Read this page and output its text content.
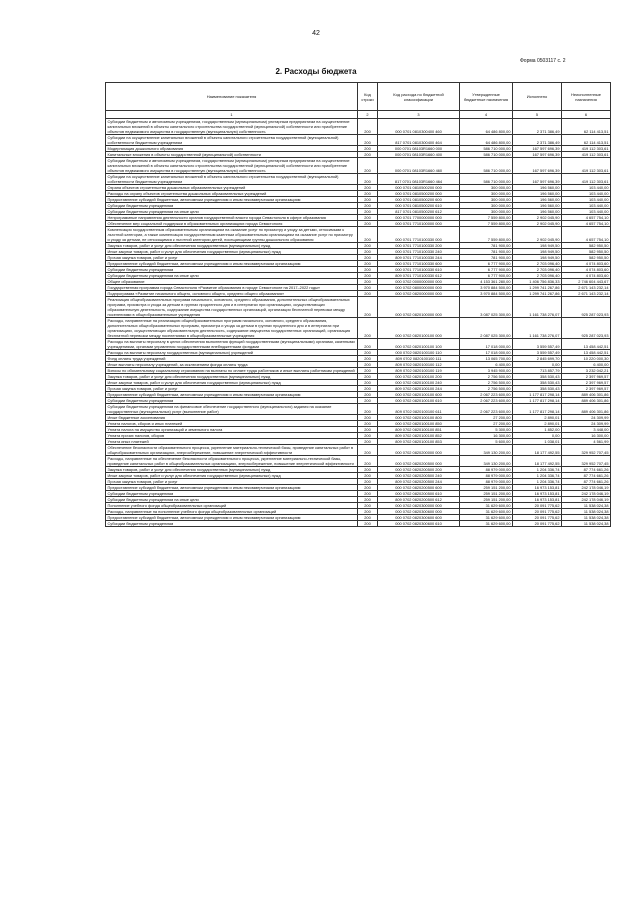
42
Форма 0503117 с. 2
2. Расходы бюджета
Наименование показателя	Код строки	Код расхода по бюджетной классификации	Утвержденные бюджетные назначения	Исполнено	Неисполненные назначения
1	2	3	4	5	6
Субсидии бюджетным и автономным учреждениям, государственным (муниципальным) унитарным предприятиям на осуществление капитальных вложений в объекты капитального строительства государственной (муниципальной) собственности или приобретение объектов недвижимого имущества в государственную (муниципальную) собственность	200	000 0701 0810300400 460	64 486 800,00	2 371 386,49	62 114 413,51
Субсидии на осуществление капитальных вложений в объекты капитального строительства государственной (муниципальной) собственности бюджетным учреждениям	200	817 0701 0810300400 464	64 486 800,00	2 371 386,49	62 114 413,51
Модернизация дошкольного образования	200	000 0701 08103R1660 000	586 710 000,00	167 597 696,39	419 112 303,61
Капитальные вложения в объекты государственной (муниципальной) собственности	200	000 0701 08103R1660 400	586 710 000,00	167 597 696,39	419 112 303,61
Субсидии бюджетным и автономным учреждениям, государственным (муниципальным) унитарным предприятиям на осуществление капитальных вложений в объекты капитального строительства государственной (муниципальной) собственности или приобретение объектов недвижимого имущества в государственную (муниципальную) собственность	200	000 0701 08103R1660 460	586 710 000,00	167 597 696,39	419 112 303,61
Субсидии на осуществление капитальных вложений в объекты капитального строительства государственной (муниципальной) собственности бюджетным учреждениям	200	817 0701 08103R1660 464	586 710 000,00	167 597 696,39	419 112 303,61
Охрана объектов строительства дошкольных образовательных учреждений	200	000 0701 0810500200 000	300 000,00	196 560,00	103 440,00
Расходы на охрану объектов строительства дошкольных образовательных учреждений	200	000 0701 0810500200 000	300 000,00	196 560,00	103 440,00
Предоставление субсидий бюджетным, автономным учреждениям и иным некоммерческим организациям	200	000 0701 0810500200 600	300 000,00	196 560,00	103 440,00
Субсидии бюджетным учреждениям	200	000 0701 0810500200 610	300 000,00	196 560,00	103 440,00
Субсидии бюджетным учреждениям на иные цели	200	817 0701 0810500200 612	300 000,00	196 560,00	103 440,00
Непрограммные направления деятельности органов государственной власти города Севастополя в сфере образования	200	000 0701 7700000000 000	7 559 800,00	2 902 045,90	4 657 754,10
Обеспечение мер социальной поддержки в образовательных организациях города Севастополя	200	000 0701 7710100000 000	7 559 800,00	2 902 045,90	4 657 754,10
Компенсация государственным образовательным организациям на оказание услуг по присмотру и уходу за детьми, относимыми к льготной категории, а также компенсация государственным казенным образовательным организациям на оказание услуг по присмотру и уходу за детьми, не относящимся к льготной категории детей, посещающими группы дошкольного образования	200	000 0701 7710100330 000	7 559 800,00	2 902 045,90	4 657 754,10
Закупка товаров, работ и услуг для обеспечения государственных (муниципальных) нужд	200	000 0701 7710100330 200	781 900,00	198 949,50	582 950,50
Иные закупки товаров, работ и услуг для обеспечения государственных (муниципальных) нужд	200	000 0701 7710100330 240	781 900,00	198 949,50	582 950,50
Прочая закупка товаров, работ и услуг	200	809 0701 7710100330 244	781 900,00	198 949,50	582 950,50
Предоставление субсидий бюджетным, автономным учреждениям и иным некоммерческим организациям	200	000 0701 7710100330 600	6 777 900,00	2 703 096,40	4 074 803,60
Субсидии бюджетным учреждениям	200	000 0701 7710100330 610	6 777 900,00	2 703 096,40	4 074 803,60
Субсидии бюджетным учреждениям на иные цели	200	809 0701 7710100330 612	6 777 900,00	2 703 096,40	4 074 803,60
Общее образование	200	000 0702 0000000000 000	4 153 361 280,00	1 406 756 836,33	2 746 604 443,67
Государственная программа города Севастополя «Развитие образования в городе Севастополе на 2017–2022 годы»	200	000 0702 0800000000 000	3 970 884 500,00	1 299 741 267,86	2 671 143 232,14
Подпрограмма «Развитие начального общего, основного общего, среднего общего образования»	200	000 0702 0820000000 000	3 970 884 500,00	1 299 741 267,86	2 671 143 232,14
Реализация общеобразовательных программ начального, основного, среднего образования, дополнительных общеобразовательных программ, присмотра и ухода за детьми в группах продленного дня и в интернатах при организациях, осуществляющих образовательную деятельность, содержание имущества государственных организаций, организация бесплатной перевозки между поселениями в общеобразовательные учреждения	200	000 0702 0820100000 000	3 087 025 300,00	1 161 738 276,07	925 287 023,93
Расходы, направленные на реализацию общеобразовательных программ начального, основного, среднего образования, дополнительных общеобразовательных программ, присмотра и ухода за детьми в группах продленного дня и в интернатах при организациях, осуществляющих образовательную деятельность, содержание имущества государственных организаций, организация бесплатной перевозки между поселениями в общеобразовательные учреждения	200	000 0702 0820100100 000	2 087 025 300,00	1 161 738 276,07	925 287 023,93
Расходы на выплаты персоналу в целях обеспечения выполнения функций государственными (муниципальными) органами, казенными учреждениями, органами управления государственными внебюджетными фондами	200	000 0702 0820100100 100	17 018 000,00	3 559 557,49	13 458 442,51
Расходы на выплаты персоналу государственных (муниципальных) учреждений	200	000 0702 0820100100 110	17 018 000,00	3 559 557,49	13 458 442,51
Фонд оплаты труда учреждений	200	809 0702 0820100100 111	13 065 700,00	2 845 699,70	10 220 000,30
Иные выплаты персоналу учреждений, за исключением фонда оплаты труда	200	809 0702 0820100100 112	6 400,00	0,00	6 400,00
Взносы по обязательному социальному страхованию на выплаты по оплате труда работников и иные выплаты работникам учреждений	200	809 0702 0820100100 119	3 945 900,00	713 857,79	3 232 042,21
Закупка товаров, работ и услуг для обеспечения государственных (муниципальных) нужд	200	000 0702 0820100100 200	2 756 500,00	358 530,43	2 397 969,57
Иные закупки товаров, работ и услуг для обеспечения государственных (муниципальных) нужд	200	000 0702 0820100100 240	2 756 500,00	358 530,43	2 397 969,57
Прочая закупка товаров, работ и услуг	200	809 0702 0820100100 244	2 756 500,00	358 530,43	2 397 969,57
Предоставление субсидий бюджетным, автономным учреждениям и иным некоммерческим организациям	200	000 0702 0820100100 600	2 067 223 600,00	1 177 817 298,14	889 406 301,86
Субсидии бюджетным учреждениям	200	000 0702 0820100100 610	2 067 223 600,00	1 177 817 298,14	889 406 301,86
Субсидии бюджетным учреждениям на финансовое обеспечение государственного (муниципального) задания на оказание государственных (муниципальных) услуг (выполнение работ)	200	809 0702 0820100100 611	2 067 223 600,00	1 177 817 298,14	889 406 301,86
Иные бюджетные ассигнования	200	000 0702 0820100100 800	27 200,00	2 890,01	24 309,99
Уплата налогов, сборов и иных платежей	200	000 0702 0820100100 850	27 200,00	2 890,01	24 309,99
Уплата налога на имущество организаций и земельного налога	200	809 0702 0820100100 851	5 300,00	1 852,00	3 448,00
Уплата прочих налогов, сборов	200	809 0702 0820100100 852	16 300,00	0,00	16 300,00
Уплата иных платежей	200	809 0702 0820100100 853	5 600,00	1 038,01	4 561,99
Обеспечение безопасности образовательного процесса, укрепление материально-технической базы, проведение капитальных работ в общеобразовательных организациях, энергосбережение, повышение энергетической эффективности	200	000 0702 0820200000 000	349 130 200,00	18 177 492,55	329 952 707,45
Расходы, направленные на обеспечение безопасности образовательного процесса, укрепление материально-технической базы, проведение капитальных работ в общеобразовательных организациях, энергосбережение, повышение энергетической эффективности	200	000 0702 0820200500 000	349 130 200,00	18 177 492,55	329 952 707,45
Закупка товаров, работ и услуг для обеспечения государственных (муниципальных) нужд	200	000 0702 0820200500 200	88 979 000,00	1 204 336,74	87 774 661,26
Иные закупки товаров, работ и услуг для обеспечения государственных (муниципальных) нужд	200	000 0702 0820200500 240	88 979 000,00	1 204 336,74	87 774 661,26
Прочая закупка товаров, работ и услуг	200	809 0702 0820200500 244	88 979 000,00	1 204 336,74	87 774 661,26
Предоставление субсидий бюджетным, автономным учреждениям и иным некоммерческим организациям	200	000 0702 0820200500 600	259 151 200,00	16 973 153,81	242 178 046,19
Субсидии бюджетным учреждениям	200	000 0702 0820200500 610	259 151 200,00	16 973 153,81	242 178 046,19
Субсидии бюджетным учреждениям на иные цели	200	809 0702 0820200500 612	259 151 200,00	16 973 153,81	242 178 046,19
Пополнение учебного фонда общеобразовательных организаций	200	000 0702 0820300000 000	31 629 600,00	20 091 775,62	11 538 024,38
Расходы, направленные на пополнение учебного фонда общеобразовательных организаций	200	000 0702 0820300600 000	31 629 600,00	20 091 775,62	11 538 024,38
Предоставление субсидий бюджетным, автономным учреждениям и иным некоммерческим организациям	200	000 0702 0820300600 600	31 629 600,00	20 091 775,62	11 538 024,38
Субсидии бюджетным учреждениям	200	000 0702 0820300600 610	31 629 600,00	20 091 775,62	11 538 024,38
